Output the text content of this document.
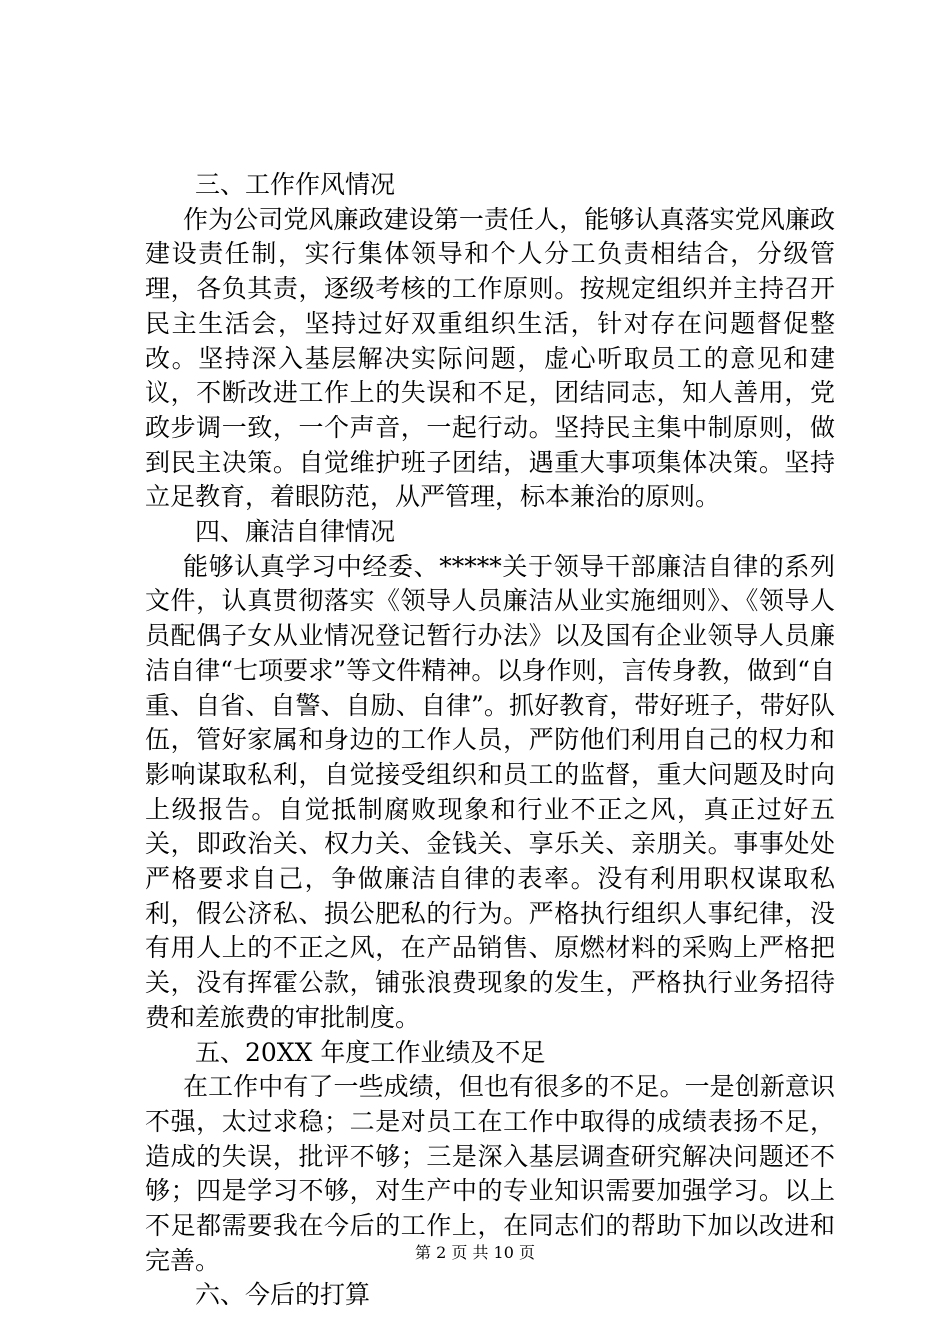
三、工作作风情况

作为公司党风廉政建设第一责任人，能够认真落实党风廉政建设责任制，实行集体领导和个人分工负责相结合，分级管理，各负其责，逐级考核的工作原则。按规定组织并主持召开民主生活会，坚持过好双重组织生活，针对存在问题督促整改。坚持深入基层解决实际问题，虚心听取员工的意见和建议，不断改进工作上的失误和不足，团结同志，知人善用，党政步调一致，一个声音，一起行动。坚持民主集中制原则，做到民主决策。自觉维护班子团结，遇重大事项集体决策。坚持立足教育，着眼防范，从严管理，标本兼治的原则。

四、廉洁自律情况

能够认真学习中经委、*****关于领导干部廉洁自律的系列文件，认真贯彻落实《领导人员廉洁从业实施细则》、《领导人员配偶子女从业情况登记暂行办法》以及国有企业领导人员廉洁自律“七项要求”等文件精神。以身作则，言传身教，做到“自重、自省、自警、自励、自律”。抓好教育，带好班子，带好队伍，管好家属和身边的工作人员，严防他们利用自己的权力和影响谋取私利，自觉接受组织和员工的监督，重大问题及时向上级报告。自觉抵制腐败现象和行业不正之风，真正过好五关，即政治关、权力关、金钱关、享乐关、亲朋关。事事处处严格要求自己，争做廉洁自律的表率。没有利用职权谋取私利，假公济私、损公肥私的行为。严格执行组织人事纪律，没有用人上的不正之风，在产品销售、原燃材料的采购上严格把关，没有挥霍公款，铺张浪费现象的发生，严格执行业务招待费和差旅费的审批制度。

五、20XX 年度工作业绩及不足

在工作中有了一些成绩，但也有很多的不足。一是创新意识不强，太过求稳；二是对员工在工作中取得的成绩表扬不足，造成的失误，批评不够；三是深入基层调查研究解决问题还不够；四是学习不够，对生产中的专业知识需要加强学习。以上不足都需要我在今后的工作上，在同志们的帮助下加以改进和完善。

六、今后的打算

第 2 页 共 10 页
